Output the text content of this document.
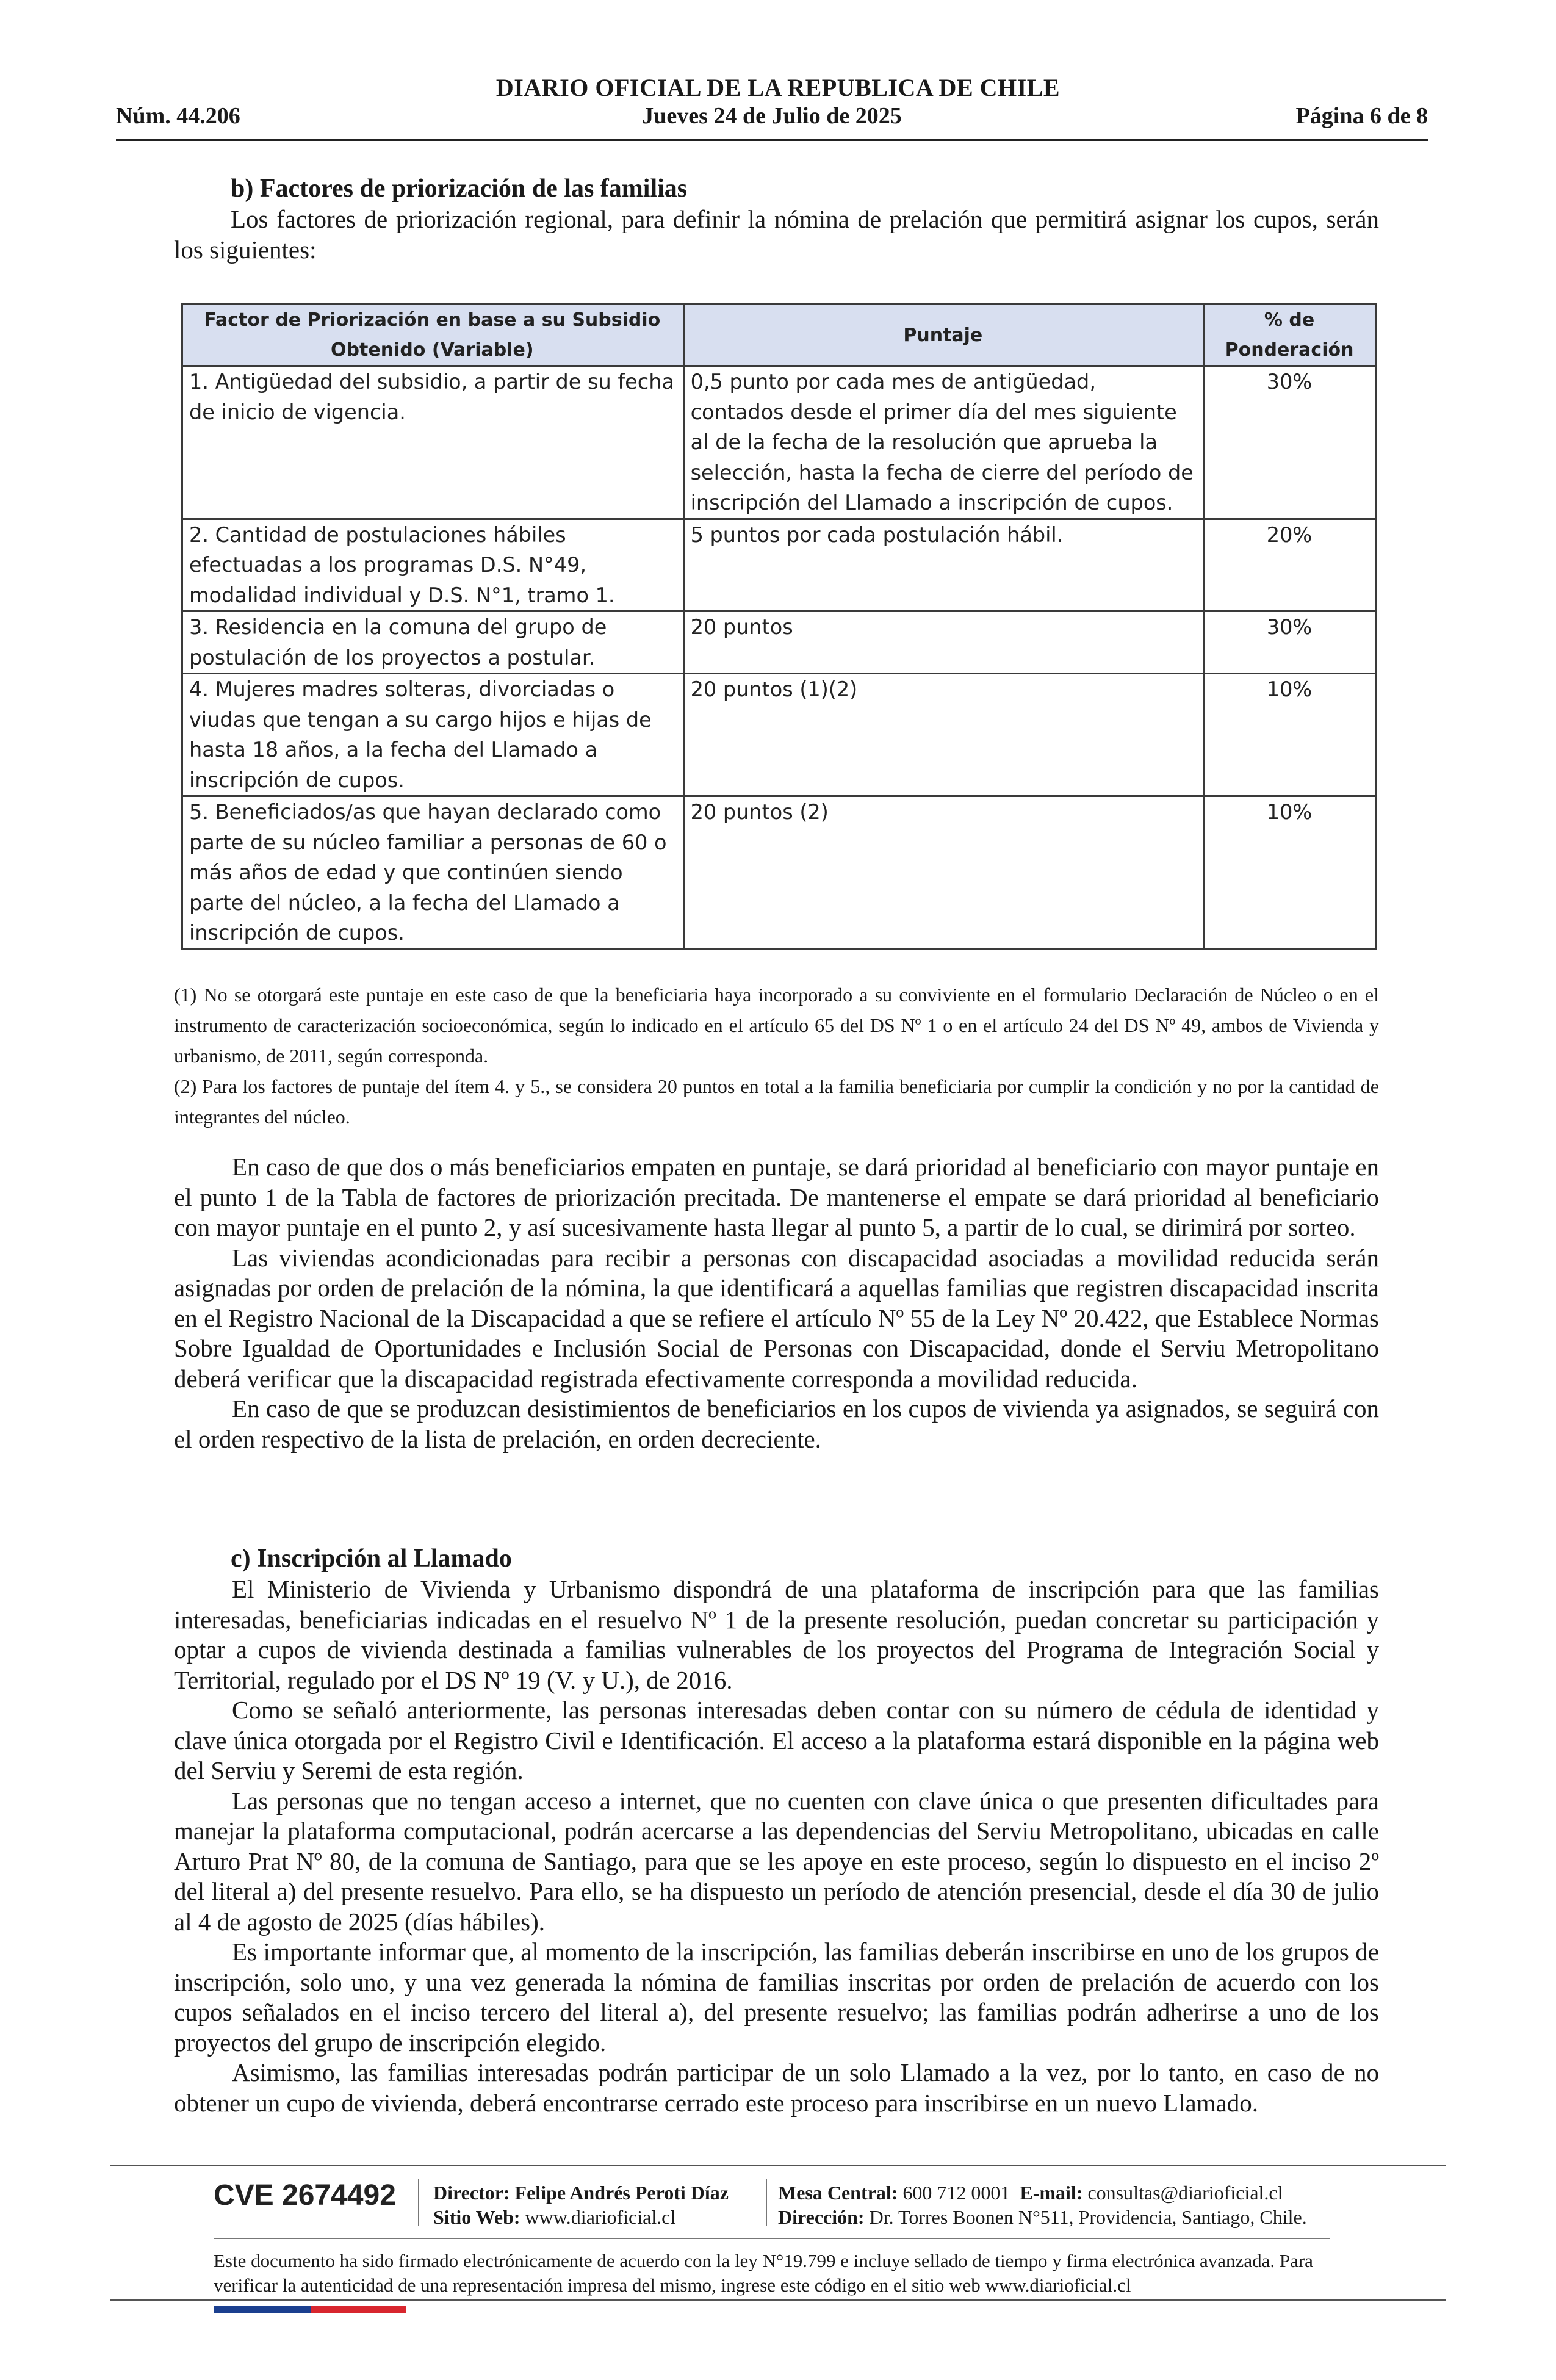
DIARIO OFICIAL DE LA REPUBLICA DE CHILE
Núm. 44.206	Jueves 24 de Julio de 2025	Página 6 de 8
b) Factores de priorización de las familias

Los factores de priorización regional, para definir la nómina de prelación que permitirá asignar los cupos, serán los siguientes:

Factor de Priorización en base a su Subsidio Obtenido (Variable)	Puntaje	% de Ponderación
1. Antigüedad del subsidio, a partir de su fecha de inicio de vigencia.	0,5 punto por cada mes de antigüedad, contados desde el primer día del mes siguiente al de la fecha de la resolución que aprueba la selección, hasta la fecha de cierre del período de inscripción del Llamado a inscripción de cupos.	30%
2. Cantidad de postulaciones hábiles efectuadas a los programas D.S. N°49, modalidad individual y D.S. N°1, tramo 1.	5 puntos por cada postulación hábil.	20%
3. Residencia en la comuna del grupo de postulación de los proyectos a postular.	20 puntos	30%
4. Mujeres madres solteras, divorciadas o viudas que tengan a su cargo hijos e hijas de hasta 18 años, a la fecha del Llamado a inscripción de cupos.	20 puntos (1)(2)	10%
5. Beneficiados/as que hayan declarado como parte de su núcleo familiar a personas de 60 o más años de edad y que continúen siendo parte del núcleo, a la fecha del Llamado a inscripción de cupos.	20 puntos (2)	10%

(1) No se otorgará este puntaje en este caso de que la beneficiaria haya incorporado a su conviviente en el formulario Declaración de Núcleo o en el instrumento de caracterización socioeconómica, según lo indicado en el artículo 65 del DS Nº 1 o en el artículo 24 del DS Nº 49, ambos de Vivienda y urbanismo, de 2011, según corresponda.

(2) Para los factores de puntaje del ítem 4. y 5., se considera 20 puntos en total a la familia beneficiaria por cumplir la condición y no por la cantidad de integrantes del núcleo.

En caso de que dos o más beneficiarios empaten en puntaje, se dará prioridad al beneficiario con mayor puntaje en el punto 1 de la Tabla de factores de priorización precitada. De mantenerse el empate se dará prioridad al beneficiario con mayor puntaje en el punto 2, y así sucesivamente hasta llegar al punto 5, a partir de lo cual, se dirimirá por sorteo.

Las viviendas acondicionadas para recibir a personas con discapacidad asociadas a movilidad reducida serán asignadas por orden de prelación de la nómina, la que identificará a aquellas familias que registren discapacidad inscrita en el Registro Nacional de la Discapacidad a que se refiere el artículo Nº 55 de la Ley Nº 20.422, que Establece Normas Sobre Igualdad de Oportunidades e Inclusión Social de Personas con Discapacidad, donde el Serviu Metropolitano deberá verificar que la discapacidad registrada efectivamente corresponda a movilidad reducida.

En caso de que se produzcan desistimientos de beneficiarios en los cupos de vivienda ya asignados, se seguirá con el orden respectivo de la lista de prelación, en orden decreciente.

c) Inscripción al Llamado

El Ministerio de Vivienda y Urbanismo dispondrá de una plataforma de inscripción para que las familias interesadas, beneficiarias indicadas en el resuelvo Nº 1 de la presente resolución, puedan concretar su participación y optar a cupos de vivienda destinada a familias vulnerables de los proyectos del Programa de Integración Social y Territorial, regulado por el DS Nº 19 (V. y U.), de 2016.

Como se señaló anteriormente, las personas interesadas deben contar con su número de cédula de identidad y clave única otorgada por el Registro Civil e Identificación. El acceso a la plataforma estará disponible en la página web del Serviu y Seremi de esta región.

Las personas que no tengan acceso a internet, que no cuenten con clave única o que presenten dificultades para manejar la plataforma computacional, podrán acercarse a las dependencias del Serviu Metropolitano, ubicadas en calle Arturo Prat Nº 80, de la comuna de Santiago, para que se les apoye en este proceso, según lo dispuesto en el inciso 2º del literal a) del presente resuelvo. Para ello, se ha dispuesto un período de atención presencial, desde el día 30 de julio al 4 de agosto de 2025 (días hábiles).

Es importante informar que, al momento de la inscripción, las familias deberán inscribirse en uno de los grupos de inscripción, solo uno, y una vez generada la nómina de familias inscritas por orden de prelación de acuerdo con los cupos señalados en el inciso tercero del literal a), del presente resuelvo; las familias podrán adherirse a uno de los proyectos del grupo de inscripción elegido.

Asimismo, las familias interesadas podrán participar de un solo Llamado a la vez, por lo tanto, en caso de no obtener un cupo de vivienda, deberá encontrarse cerrado este proceso para inscribirse en un nuevo Llamado.

CVE 2674492 Director: Felipe Andrés Peroti Díaz
Sitio Web: www.diarioficial.cl
Mesa Central: 600 712 0001 E-mail: consultas@diarioficial.cl
Dirección: Dr. Torres Boonen N°511, Providencia, Santiago, Chile.
Este documento ha sido firmado electrónicamente de acuerdo con la ley N°19.799 e incluye sellado de tiempo y firma electrónica avanzada. Para verificar la autenticidad de una representación impresa del mismo, ingrese este código en el sitio web www.diarioficial.cl
